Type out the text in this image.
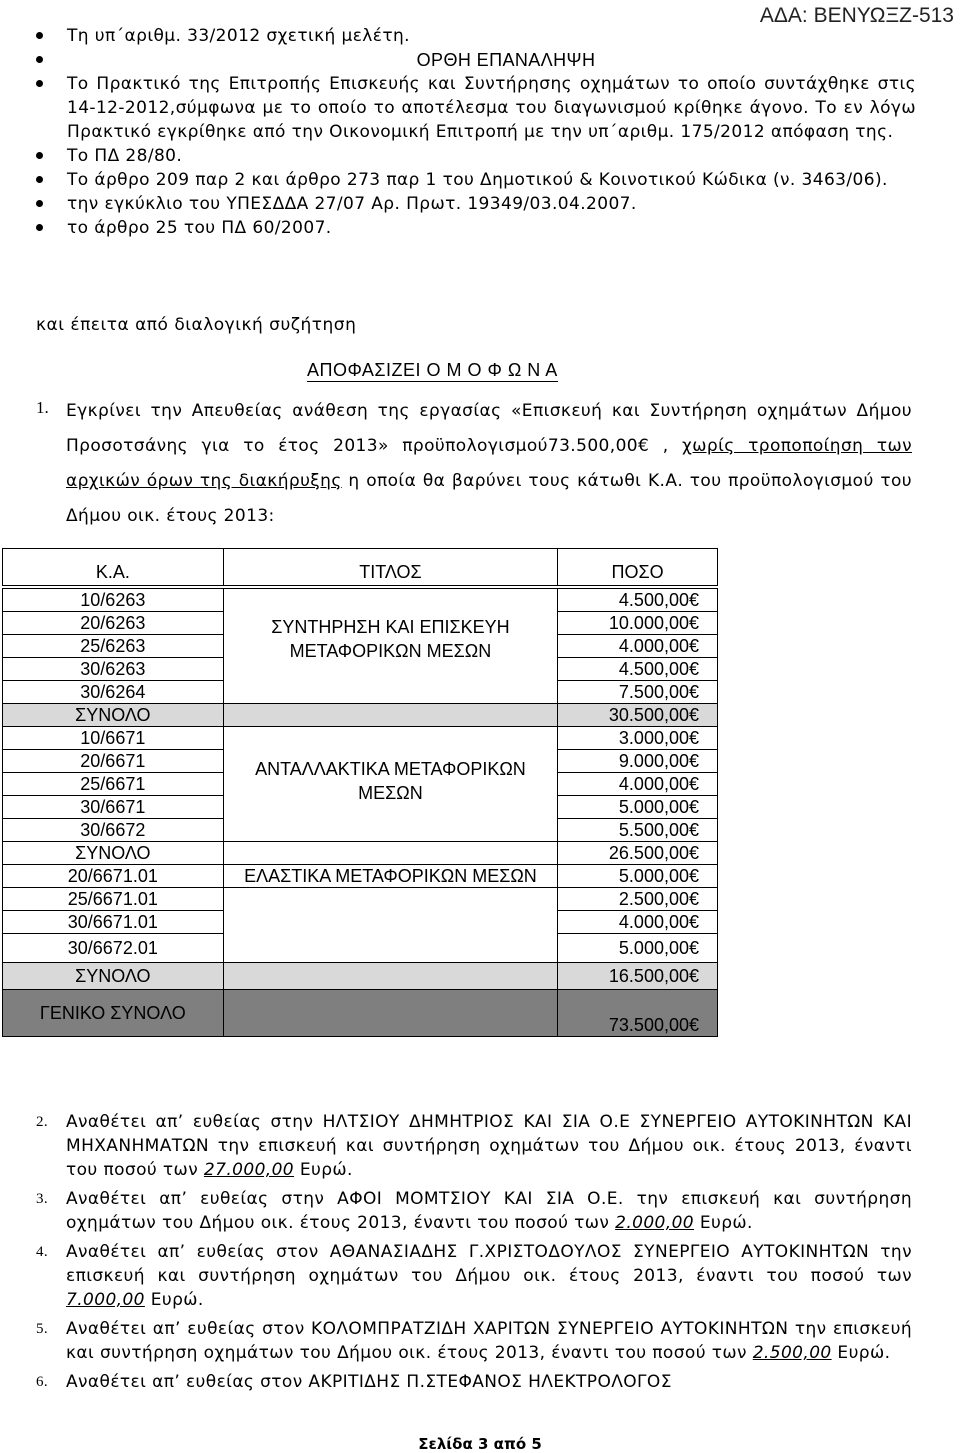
ΑΔΑ: ΒΕΝΥΩΞΖ-513
Τη υπ΄αριθμ. 33/2012 σχετική μελέτη.
ΟΡΘΗ ΕΠΑΝΑΛΗΨΗ
Το Πρακτικό της Επιτροπής Επισκευής και Συντήρησης οχημάτων το οποίο συντάχθηκε στις 14-12-2012,σύμφωνα με το οποίο το αποτέλεσμα του διαγωνισμού κρίθηκε άγονο. Το εν λόγω Πρακτικό εγκρίθηκε από την Οικονομική Επιτροπή με την υπ΄αριθμ. 175/2012 απόφαση της.
Το ΠΔ 28/80.
Το άρθρο 209 παρ 2 και άρθρο 273 παρ 1 του Δημοτικού & Κοινοτικού Κώδικα (ν. 3463/06).
την εγκύκλιο του ΥΠΕΣΔΔΑ 27/07 Αρ. Πρωτ. 19349/03.04.2007.
το άρθρο 25 του ΠΔ 60/2007.
και έπειτα από διαλογική συζήτηση
ΑΠΟΦΑΣΙΖΕΙ Ο Μ Ο Φ Ω Ν Α
1. Εγκρίνει την Απευθείας ανάθεση της εργασίας «Επισκευή και Συντήρηση οχημάτων Δήμου Προσοτσάνης για το έτος 2013» προϋπολογισμού73.500,00€ , χωρίς τροποποίηση των αρχικών όρων της διακήρυξης η οποία θα βαρύνει τους κάτωθι Κ.Α. του προϋπολογισμού του Δήμου οικ. έτους 2013:
Κ.Α.	ΤΙΤΛΟΣ	ΠΟΣΟ
10/6263	ΣΥΝΤΗΡΗΣΗ ΚΑΙ ΕΠΙΣΚΕΥΗ ΜΕΤΑΦΟΡΙΚΩΝ ΜΕΣΩΝ	4.500,00€
20/6263		10.000,00€
25/6263		4.000,00€
30/6263		4.500,00€
30/6264		7.500,00€
ΣΥΝΟΛΟ		30.500,00€
10/6671	ΑΝΤΑΛΛΑΚΤΙΚΑ ΜΕΤΑΦΟΡΙΚΩΝ ΜΕΣΩΝ	3.000,00€
20/6671		9.000,00€
25/6671		4.000,00€
30/6671		5.000,00€
30/6672		5.500,00€
ΣΥΝΟΛΟ		26.500,00€
20/6671.01	ΕΛΑΣΤΙΚΑ ΜΕΤΑΦΟΡΙΚΩΝ ΜΕΣΩΝ	5.000,00€
25/6671.01		2.500,00€
30/6671.01		4.000,00€
30/6672.01		5.000,00€
ΣΥΝΟΛΟ		16.500,00€
ΓΕΝΙΚΟ ΣΥΝΟΛΟ		73.500,00€
2. Αναθέτει απ’ ευθείας στην ΗΛΤΣΙΟΥ ΔΗΜΗΤΡΙΟΣ ΚΑΙ ΣΙΑ Ο.Ε ΣΥΝΕΡΓΕΙΟ ΑΥΤΟΚΙΝΗΤΩΝ ΚΑΙ ΜΗΧΑΝΗΜΑΤΩΝ την επισκευή και συντήρηση οχημάτων του Δήμου οικ. έτους 2013, έναντι του ποσού των 27.000,00 Ευρώ.
3. Αναθέτει απ’ ευθείας στην ΑΦΟΙ ΜΟΜΤΣΙΟΥ ΚΑΙ ΣΙΑ Ο.Ε. την επισκευή και συντήρηση οχημάτων του Δήμου οικ. έτους 2013, έναντι του ποσού των 2.000,00 Ευρώ.
4. Αναθέτει απ’ ευθείας στον ΑΘΑΝΑΣΙΑΔΗΣ Γ.ΧΡΙΣΤΟΔΟΥΛΟΣ ΣΥΝΕΡΓΕΙΟ ΑΥΤΟΚΙΝΗΤΩΝ την επισκευή και συντήρηση οχημάτων του Δήμου οικ. έτους 2013, έναντι του ποσού των 7.000,00 Ευρώ.
5. Αναθέτει απ’ ευθείας στον ΚΟΛΟΜΠΡΑΤΖΙΔΗ ΧΑΡΙΤΩΝ ΣΥΝΕΡΓΕΙΟ ΑΥΤΟΚΙΝΗΤΩΝ την επισκευή και συντήρηση οχημάτων του Δήμου οικ. έτους 2013, έναντι του ποσού των 2.500,00 Ευρώ.
6. Αναθέτει απ’ ευθείας στον ΑΚΡΙΤΙΔΗΣ Π.ΣΤΕΦΑΝΟΣ ΗΛΕΚΤΡΟΛΟΓΟΣ
Σελίδα 3 από 5
